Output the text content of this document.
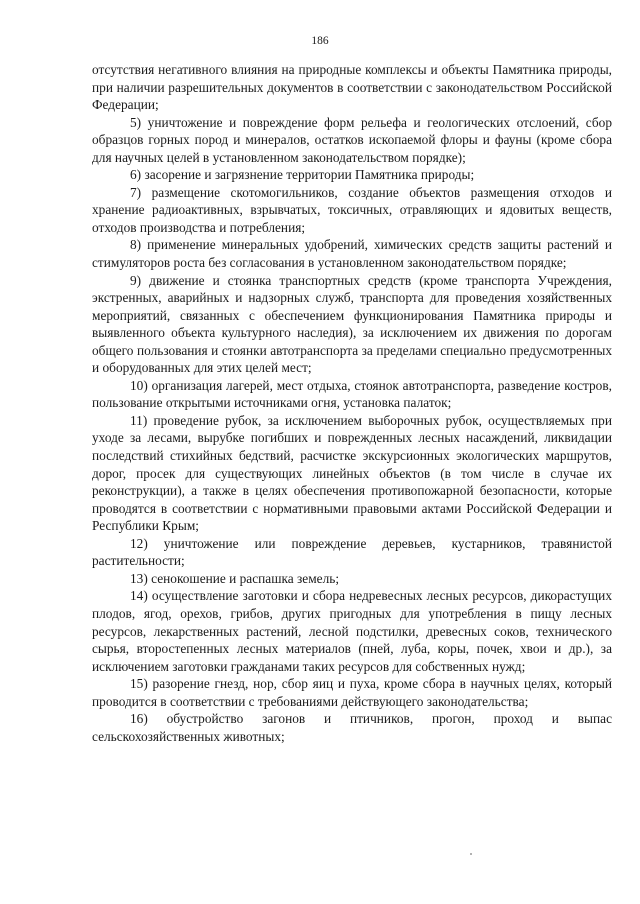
186

отсутствия негативного влияния на природные комплексы и объекты Памятника природы, при наличии разрешительных документов в соответствии с законодательством Российской Федерации;

5) уничтожение и повреждение форм рельефа и геологических отслоений, сбор образцов горных пород и минералов, остатков ископаемой флоры и фауны (кроме сбора для научных целей в установленном законодательством порядке);

6) засорение и загрязнение территории Памятника природы;

7) размещение скотомогильников, создание объектов размещения отходов и хранение радиоактивных, взрывчатых, токсичных, отравляющих и ядовитых веществ, отходов производства и потребления;

8) применение минеральных удобрений, химических средств защиты растений и стимуляторов роста без согласования в установленном законодательством порядке;

9) движение и стоянка транспортных средств (кроме транспорта Учреждения, экстренных, аварийных и надзорных служб, транспорта для проведения хозяйственных мероприятий, связанных с обеспечением функционирования Памятника природы и выявленного объекта культурного наследия), за исключением их движения по дорогам общего пользования и стоянки автотранспорта за пределами специально предусмотренных и оборудованных для этих целей мест;

10) организация лагерей, мест отдыха, стоянок автотранспорта, разведение костров, пользование открытыми источниками огня, установка палаток;

11) проведение рубок, за исключением выборочных рубок, осуществляемых при уходе за лесами, вырубке погибших и поврежденных лесных насаждений, ликвидации последствий стихийных бедствий, расчистке экскурсионных экологических маршрутов, дорог, просек для существующих линейных объектов (в том числе в случае их реконструкции), а также в целях обеспечения противопожарной безопасности, которые проводятся в соответствии с нормативными правовыми актами Российской Федерации и Республики Крым;

12) уничтожение или повреждение деревьев, кустарников, травянистой растительности;

13) сенокошение и распашка земель;

14) осуществление заготовки и сбора недревесных лесных ресурсов, дикорастущих плодов, ягод, орехов, грибов, других пригодных для употребления в пищу лесных ресурсов, лекарственных растений, лесной подстилки, древесных соков, технического сырья, второстепенных лесных материалов (пней, луба, коры, почек, хвои и др.), за исключением заготовки гражданами таких ресурсов для собственных нужд;

15) разорение гнезд, нор, сбор яиц и пуха, кроме сбора в научных целях, который проводится в соответствии с требованиями действующего законодательства;

16) обустройство загонов и птичников, прогон, проход и выпас сельскохозяйственных животных;
